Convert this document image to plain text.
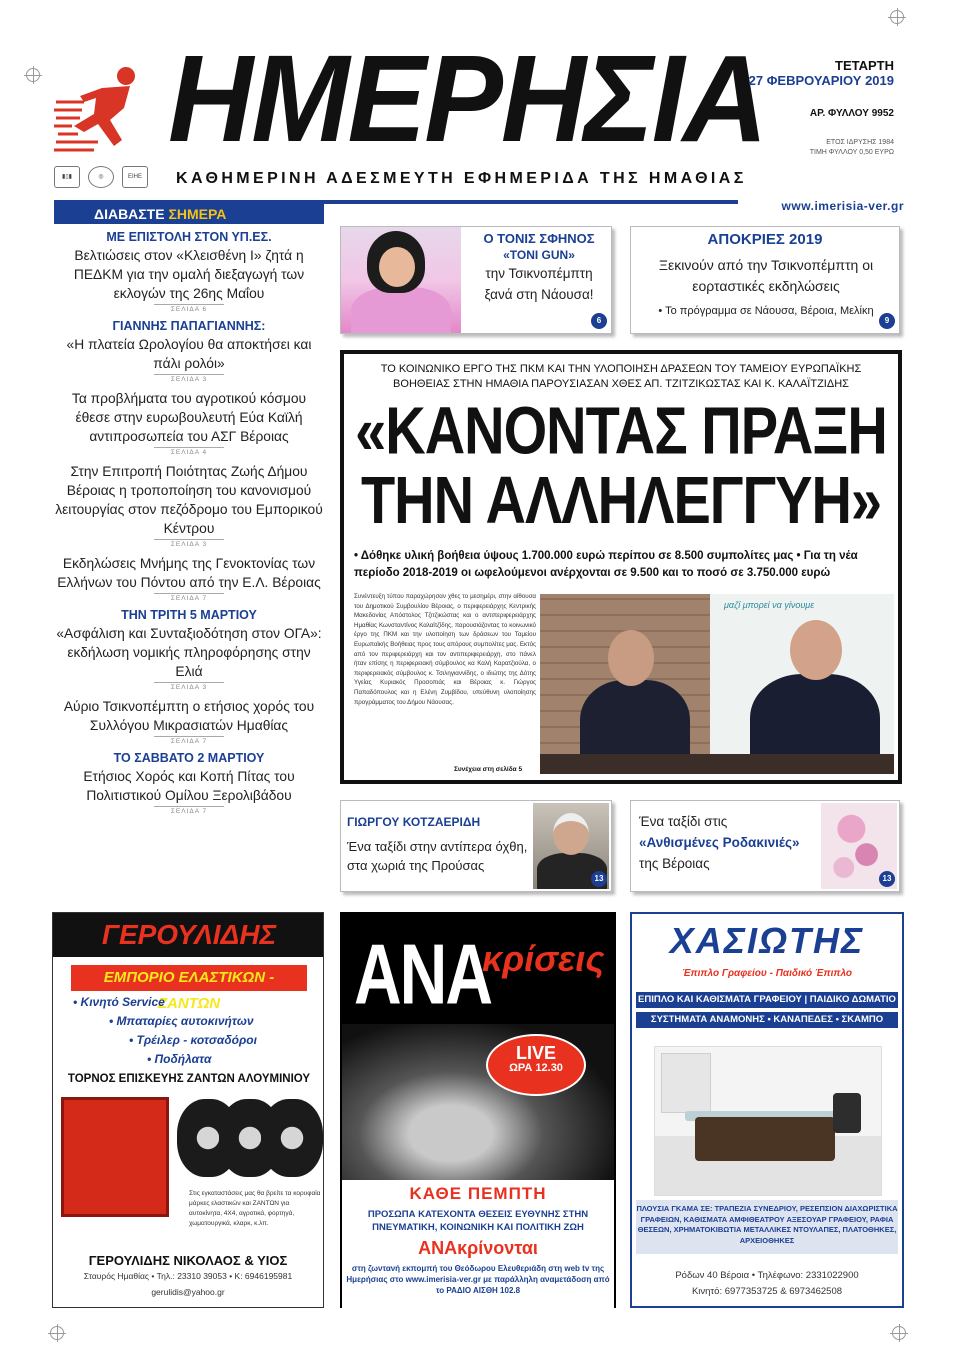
ΗΜΕΡΗΣΙΑ	ΤΕΤΑΡΤΗ
27 ΦΕΒΡΟΥΑΡΙΟΥ 2019
ΑΡ. ΦΥΛΛΟΥ 9952
ΕΤΟΣ ΙΔΡΥΣΗΣ 1984
ΤΙΜΗ ΦΥΛΛΟΥ 0,50 ΕΥΡΩ
▮▯▮	◎	ΕΙΗΕ	ΚΑΘΗΜΕΡΙΝΗ ΑΔΕΣΜΕΥΤΗ ΕΦΗΜΕΡΙΔΑ ΤΗΣ ΗΜΑΘΙΑΣ
www.imerisia-ver.gr
ΔΙΑΒΑΣΤΕ ΣΗΜΕΡΑ
ΜΕ ΕΠΙΣΤΟΛΗ ΣΤΟΝ ΥΠ.ΕΣ.
Βελτιώσεις στον «Κλεισθένη Ι» ζητά η ΠΕΔΚΜ για την ομαλή διεξαγωγή των εκλογών της 26ης Μαΐου
ΣΕΛΙΔΑ 6
ΓΙΑΝΝΗΣ ΠΑΠΑΓΙΑΝΝΗΣ:
«Η πλατεία Ωρολογίου θα αποκτήσει και πάλι ρολόι»
ΣΕΛΙΔΑ 3
Τα προβλήματα του αγροτικού κόσμου έθεσε στην ευρωβουλευτή Εύα Καϊλή αντιπροσωπεία του ΑΣΓ Βέροιας
ΣΕΛΙΔΑ 4
Στην Επιτροπή Ποιότητας Ζωής Δήμου Βέροιας η τροποποίηση του κανονισμού λειτουργίας στον πεζόδρομο του Εμπορικού Κέντρου
ΣΕΛΙΔΑ 3
Εκδηλώσεις Μνήμης της Γενοκτονίας των Ελλήνων του Πόντου από την Ε.Λ. Βέροιας
ΣΕΛΙΔΑ 7
ΤΗΝ ΤΡΙΤΗ 5 ΜΑΡΤΙΟΥ
«Ασφάλιση και Συνταξιοδότηση στον ΟΓΑ»: εκδήλωση νομικής πληροφόρησης στην Ελιά
ΣΕΛΙΔΑ 3
Αύριο Τσικνοπέμπτη ο ετήσιος χορός του Συλλόγου Μικρασιατών Ημαθίας
ΣΕΛΙΔΑ 7
ΤΟ ΣΑΒΒΑΤΟ 2 ΜΑΡΤΙΟΥ
Ετήσιος Χορός και Κοπή Πίτας του Πολιτιστικού Ομίλου Ξερολιβάδου
ΣΕΛΙΔΑ 7
Ο ΤΟΝΙΣ ΣΦΗΝΟΣ
«TONI GUN»
την Τσικνοπέμπτη
ξανά στη Νάουσα!
6
ΑΠΟΚΡΙΕΣ 2019
Ξεκινούν από την Τσικνοπέμπτη οι εορταστικές εκδηλώσεις
• Το πρόγραμμα σε Νάουσα, Βέροια, Μελίκη
9
ΤΟ ΚΟΙΝΩΝΙΚΟ ΕΡΓΟ ΤΗΣ ΠΚΜ ΚΑΙ ΤΗΝ ΥΛΟΠΟΙΗΣΗ ΔΡΑΣΕΩΝ ΤΟΥ ΤΑΜΕΙΟΥ ΕΥΡΩΠΑΪΚΗΣ ΒΟΗΘΕΙΑΣ ΣΤΗΝ ΗΜΑΘΙΑ ΠΑΡΟΥΣΙΑΣΑΝ ΧΘΕΣ ΑΠ. ΤΖΙΤΖΙΚΩΣΤΑΣ ΚΑΙ Κ. ΚΑΛΑΪΤΖΙΔΗΣ
«ΚΑΝΟΝΤΑΣ ΠΡΑΞΗ
ΤΗΝ ΑΛΛΗΛΕΓΓΥΗ»
• Δόθηκε υλική βοήθεια ύψους 1.700.000 ευρώ περίπου σε 8.500 συμπολίτες μας • Για τη νέα περίοδο 2018-2019 οι ωφελούμενοι ανέρχονται σε 9.500 και το ποσό σε 3.750.000 ευρώ
Συνέντευξη τύπου παραχώρησαν χθες το μεσημέρι, στην αίθουσα του Δημοτικού Συμβουλίου Βέροιας, ο περιφερειάρχης Κεντρικής Μακεδονίας Απόστολος Τζιτζικώστας και ο αντιπεριφερειάρχης Ημαθίας Κωνσταντίνος Καλαϊτζίδης, παρουσιάζοντας το κοινωνικό έργο της ΠΚΜ και την υλοποίηση των δράσεων του Ταμείου Ευρωπαϊκής Βοήθειας προς τους απόρους συμπολίτες μας. Εκτός από τον περιφερειάρχη και τον αντιπεριφερειάρχη, στο πάνελ ήταν επίσης η περιφερειακή σύμβουλος κα Καλή Καρατζιούλα, ο περιφερειακός σύμβουλος κ. Τσιληγιαννίδης, ο ιδιώτης της Δότης Υγείας Κυριακός Προσοπιάς και Βέροιας κ. Γιώργος Παπαδόπουλος και η Ελένη Ζυμβίδου, υπεύθυνη υλοποίησης προγράμματος του Δήμου Νάουσας.
Συνέχεια στη σελίδα 5
μαζί μπορεί να γίνουμε
ΓΙΩΡΓΟΥ ΚΟΤΖΑΕΡΙΔΗ
Ένα ταξίδι στην αντίπερα όχθη, στα χωριά της Προύσας
13
Ένα ταξίδι στις
«Ανθισμένες Ροδακινιές»
της Βέροιας
13
ΓΕΡΟΥΛΙΔΗΣ
ΕΜΠΟΡΙΟ ΕΛΑΣΤΙΚΩΝ - ΖΑΝΤΩΝ
• Κινητό Service
• Μπαταρίες αυτοκινήτων
• Τρέιλερ - κοτσαδόροι
• Ποδήλατα
ΤΟΡΝΟΣ ΕΠΙΣΚΕΥΗΣ ΖΑΝΤΩΝ ΑΛΟΥΜΙΝΙΟΥ
Στις εγκαταστάσεις μας θα βρείτε τα κορυφαία μάρκες ελαστικών και ΖΑΝΤΩΝ για αυτοκίνητα, 4Χ4, αγροτικά, φορτηγά, χωματουργικά, κλαρκ, κ.λπ.
ΓΕΡΟΥΛΙΔΗΣ ΝΙΚΟΛΑΟΣ & ΥΙΟΣ
Σταυρός Ημαθίας • Τηλ.: 23310 39053 • Κ: 6946195981
gerulidis@yahoo.gr
ΑΝΑ
κρίσεις
LIVE
ΩΡΑ 12.30
ΚΑΘΕ ΠΕΜΠΤΗ
ΠΡΟΣΩΠΑ ΚΑΤΕΧΟΝΤΑ ΘΕΣΕΙΣ ΕΥΘΥΝΗΣ ΣΤΗΝ ΠΝΕΥΜΑΤΙΚΗ, ΚΟΙΝΩΝΙΚΗ ΚΑΙ ΠΟΛΙΤΙΚΗ ΖΩΗ
ΑΝΑκρίνονται
στη ζωντανή εκπομπή του Θεόδωρου Ελευθεριάδη στη web tv της Ημερήσιας στο www.imerisia-ver.gr με παράλληλη αναμετάδοση από το ΡΑΔΙΟ ΑΙΣΘΗ 102.8
ΧΑΣΙΩΤΗΣ
Έπιπλο Γραφείου - Παιδικό Έπιπλο
ΕΠΙΠΛΟ ΚΑΙ ΚΑΘΙΣΜΑΤΑ ΓΡΑΦΕΙΟΥ | ΠΑΙΔΙΚΟ ΔΩΜΑΤΙΟ
ΣΥΣΤΗΜΑΤΑ ΑΝΑΜΟΝΗΣ • ΚΑΝΑΠΕΔΕΣ • ΣΚΑΜΠΟ
ΠΛΟΥΣΙΑ ΓΚΑΜΑ ΣΕ: ΤΡΑΠΕΖΙΑ ΣΥΝΕΔΡΙΟΥ, ΡΕΣΕΠΣΙΟΝ ΔΙΑΧΩΡΙΣΤΙΚΑ ΓΡΑΦΕΙΩΝ, ΚΑΘΙΣΜΑΤΑ ΑΜΦΙΘΕΑΤΡΟΥ ΑΞΕΣΟΥΑΡ ΓΡΑΦΕΙΟΥ, ΡΑΦΙΑ ΘΕΣΕΩΝ, ΧΡΗΜΑΤΟΚΙΒΩΤΙΑ ΜΕΤΑΛΛΙΚΕΣ ΝΤΟΥΛΑΠΕΣ, ΠΛΑΤΟΘΗΚΕΣ, ΑΡΧΕΙΟΘΗΚΕΣ
Ρόδων 40 Βέροια • Τηλέφωνο: 2331022900
Κινητό: 6977353725 & 6973462508
